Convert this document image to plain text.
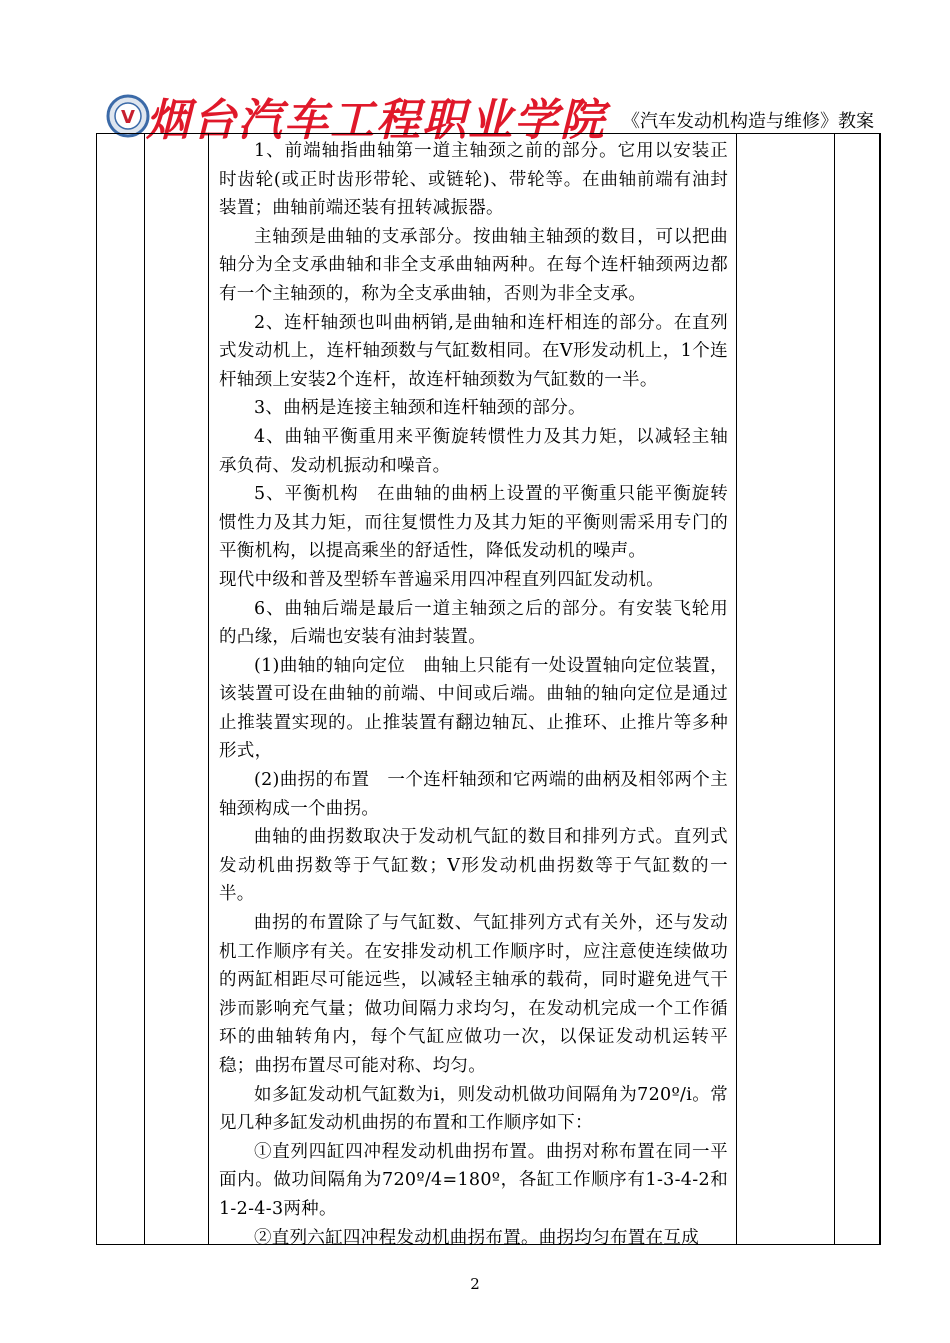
V 烟台汽车工程职业学院 《汽车发动机构造与维修》教案

1、前端轴指曲轴第一道主轴颈之前的部分。它用以安装正时齿轮(或正时齿形带轮、或链轮)、带轮等。在曲轴前端有油封装置；曲轴前端还装有扭转减振器。

主轴颈是曲轴的支承部分。按曲轴主轴颈的数目，可以把曲轴分为全支承曲轴和非全支承曲轴两种。在每个连杆轴颈两边都有一个主轴颈的，称为全支承曲轴，否则为非全支承。

2、连杆轴颈也叫曲柄销,是曲轴和连杆相连的部分。在直列式发动机上，连杆轴颈数与气缸数相同。在V形发动机上，1个连杆轴颈上安装2个连杆，故连杆轴颈数为气缸数的一半。

3、曲柄是连接主轴颈和连杆轴颈的部分。

4、曲轴平衡重用来平衡旋转惯性力及其力矩，以减轻主轴承负荷、发动机振动和噪音。

5、平衡机构　在曲轴的曲柄上设置的平衡重只能平衡旋转惯性力及其力矩，而往复惯性力及其力矩的平衡则需采用专门的平衡机构，以提高乘坐的舒适性，降低发动机的噪声。

现代中级和普及型轿车普遍采用四冲程直列四缸发动机。

6、曲轴后端是最后一道主轴颈之后的部分。有安装飞轮用的凸缘，后端也安装有油封装置。

(1)曲轴的轴向定位　曲轴上只能有一处设置轴向定位装置，该装置可设在曲轴的前端、中间或后端。曲轴的轴向定位是通过止推装置实现的。止推装置有翻边轴瓦、止推环、止推片等多种形式，

(2)曲拐的布置　一个连杆轴颈和它两端的曲柄及相邻两个主轴颈构成一个曲拐。

曲轴的曲拐数取决于发动机气缸的数目和排列方式。直列式发动机曲拐数等于气缸数；V形发动机曲拐数等于气缸数的一半。

曲拐的布置除了与气缸数、气缸排列方式有关外，还与发动机工作顺序有关。在安排发动机工作顺序时，应注意使连续做功的两缸相距尽可能远些，以减轻主轴承的载荷，同时避免进气干涉而影响充气量；做功间隔力求均匀，在发动机完成一个工作循环的曲轴转角内，每个气缸应做功一次，以保证发动机运转平稳；曲拐布置尽可能对称、均匀。

如多缸发动机气缸数为i，则发动机做功间隔角为720º/i。常见几种多缸发动机曲拐的布置和工作顺序如下：

①直列四缸四冲程发动机曲拐布置。曲拐对称布置在同一平面内。做功间隔角为720º/4=180º，各缸工作顺序有1-3-4-2和1-2-4-3两种。

②直列六缸四冲程发动机曲拐布置。曲拐均匀布置在互成

2
